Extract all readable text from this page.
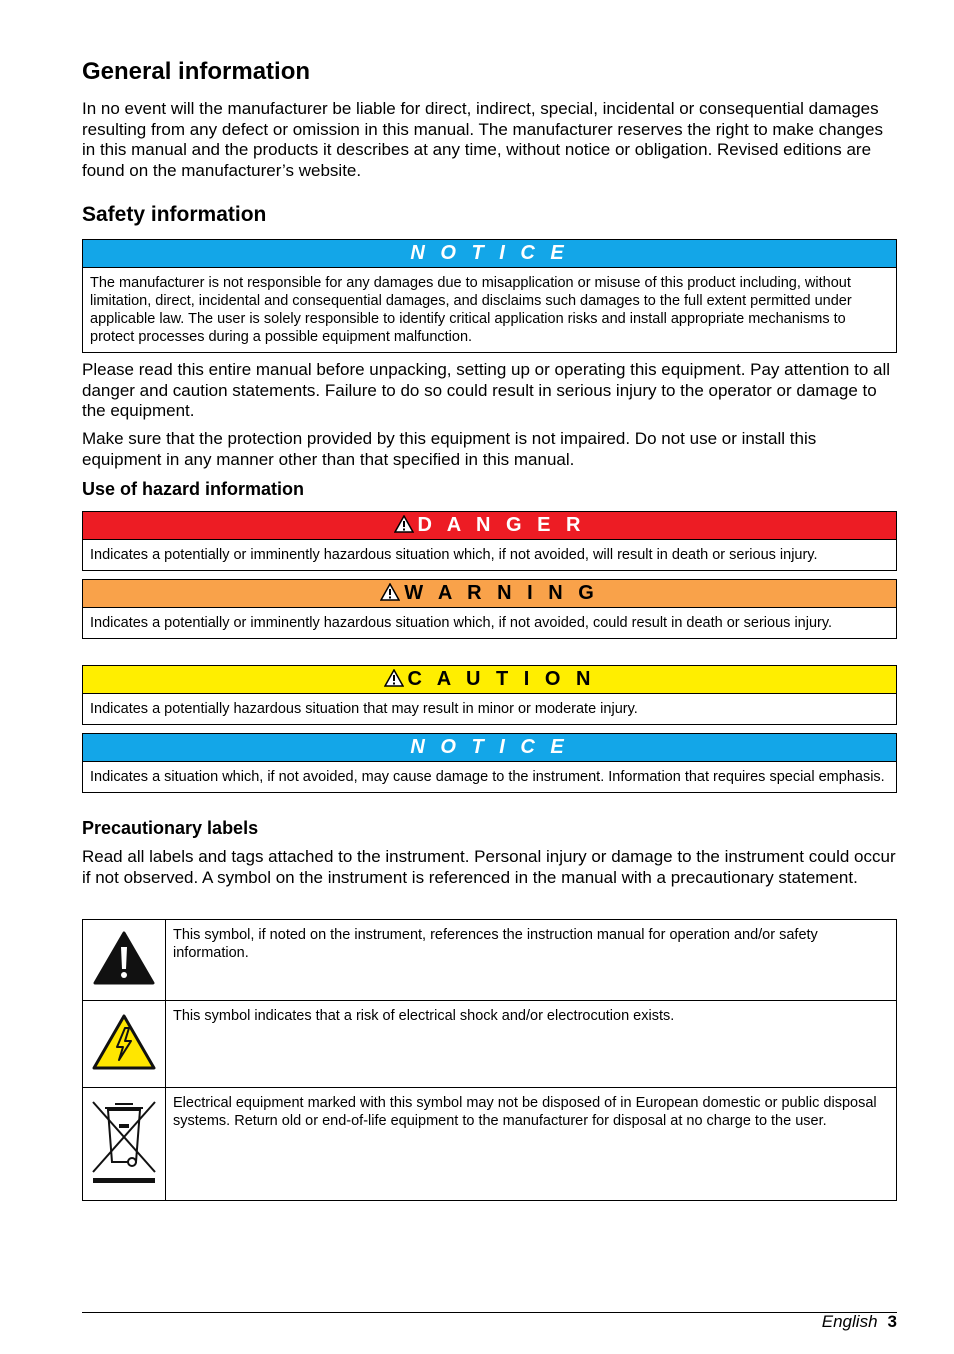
General information

In no event will the manufacturer be liable for direct, indirect, special, incidental or consequential damages resulting from any defect or omission in this manual. The manufacturer reserves the right to make changes in this manual and the products it describes at any time, without notice or obligation. Revised editions are found on the manufacturer’s website.

Safety information
N O T I C E
The manufacturer is not responsible for any damages due to misapplication or misuse of this product including, without limitation, direct, incidental and consequential damages, and disclaims such damages to the full extent permitted under applicable law. The user is solely responsible to identify critical application risks and install appropriate mechanisms to protect processes during a possible equipment malfunction.

Please read this entire manual before unpacking, setting up or operating this equipment. Pay attention to all danger and caution statements. Failure to do so could result in serious injury to the operator or damage to the equipment.

Make sure that the protection provided by this equipment is not impaired. Do not use or install this equipment in any manner other than that specified in this manual.

Use of hazard information
D A N G E R
Indicates a potentially or imminently hazardous situation which, if not avoided, will result in death or serious injury.
W A R N I N G
Indicates a potentially or imminently hazardous situation which, if not avoided, could result in death or serious injury.
C A U T I O N
Indicates a potentially hazardous situation that may result in minor or moderate injury.
N O T I C E
Indicates a situation which, if not avoided, may cause damage to the instrument. Information that requires special emphasis.
Precautionary labels

Read all labels and tags attached to the instrument. Personal injury or damage to the instrument could occur if not observed. A symbol on the instrument is referenced in the manual with a precautionary statement.

	This symbol, if noted on the instrument, references the instruction manual for operation and/or safety information.
	This symbol indicates that a risk of electrical shock and/or electrocution exists.
	Electrical equipment marked with this symbol may not be disposed of in European domestic or public disposal systems. Return old or end-of-life equipment to the manufacturer for disposal at no charge to the user.
English 3
